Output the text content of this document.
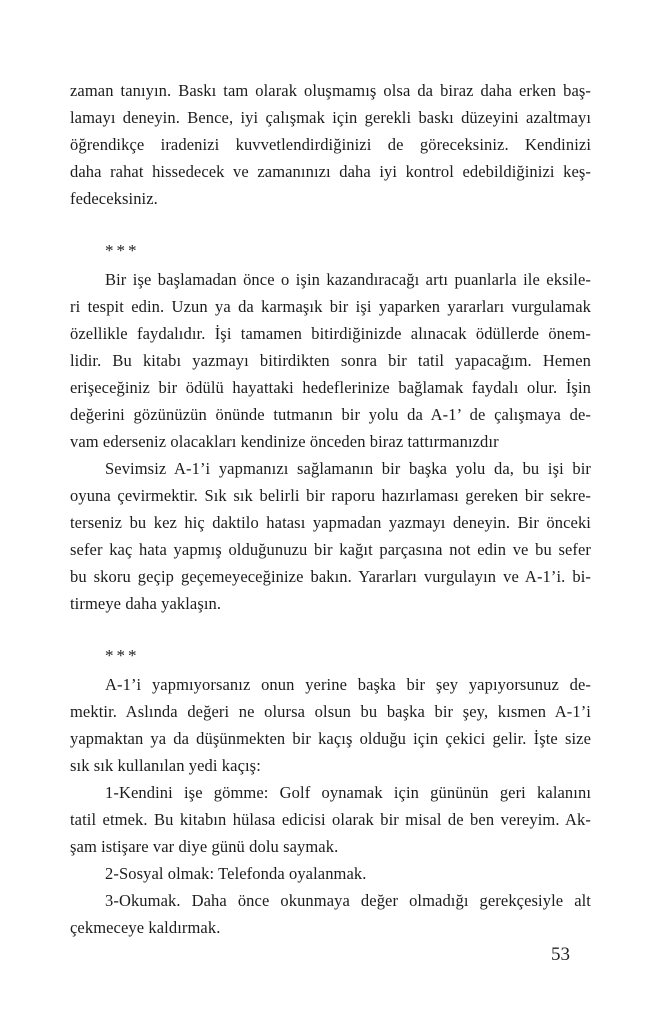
zaman tanıyın. Baskı tam olarak oluşmamış olsa da biraz daha erken baş-
lamayı deneyin. Bence, iyi çalışmak için gerekli baskı düzeyini azaltmayı
öğrendikçe iradenizi kuvvetlendirdiğinizi de göreceksiniz. Kendinizi
daha rahat hissedecek ve zamanınızı daha iyi kontrol edebildiğinizi keş-
fedeceksiniz.
***
Bir işe başlamadan önce o işin kazandıracağı artı puanlarla ile eksile-
ri tespit edin. Uzun ya da karmaşık bir işi yaparken yararları vurgulamak
özellikle faydalıdır. İşi tamamen bitirdiğinizde alınacak ödüllerde önem-
lidir. Bu kitabı yazmayı bitirdikten sonra bir tatil yapacağım. Hemen
erişeceğiniz bir ödülü hayattaki hedeflerinize bağlamak faydalı olur. İşin
değerini gözünüzün önünde tutmanın bir yolu da A-1’ de çalışmaya de-
vam ederseniz olacakları kendinize önceden biraz tattırmanızdır
Sevimsiz A-1’i yapmanızı sağlamanın bir başka yolu da, bu işi bir
oyuna çevirmektir. Sık sık belirli bir raporu hazırlaması gereken bir sekre-
terseniz bu kez hiç daktilo hatası yapmadan yazmayı deneyin. Bir önceki
sefer kaç hata yapmış olduğunuzu bir kağıt parçasına not edin ve bu sefer
bu skoru geçip geçemeyeceğinize bakın. Yararları vurgulayın ve A-1’i. bi-
tirmeye daha yaklaşın.
***
A-1’i yapmıyorsanız onun yerine başka bir şey yapıyorsunuz de-
mektir. Aslında değeri ne olursa olsun bu başka bir şey, kısmen A-1’i
yapmaktan ya da düşünmekten bir kaçış olduğu için çekici gelir. İşte size
sık sık kullanılan yedi kaçış:
1-Kendini işe gömme: Golf oynamak için gününün geri kalanını
tatil etmek. Bu kitabın hülasa edicisi olarak bir misal de ben vereyim. Ak-
şam istişare var diye günü dolu saymak.
2-Sosyal olmak: Telefonda oyalanmak.
3-Okumak. Daha önce okunmaya değer olmadığı gerekçesiyle alt
çekmeceye kaldırmak.
53
